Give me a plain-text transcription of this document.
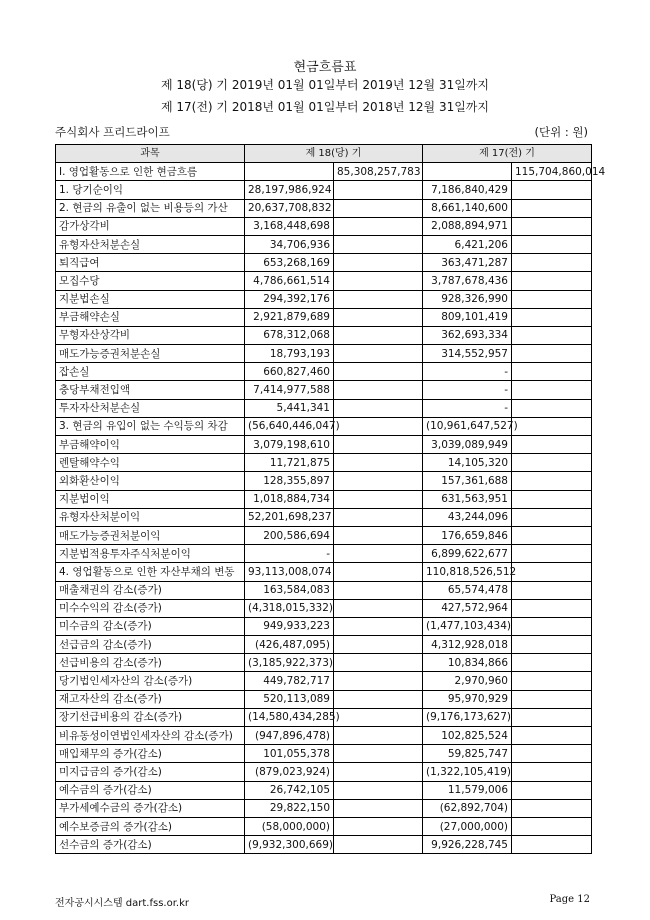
현금흐름표
제 18(당) 기 2019년 01월 01일부터 2019년 12월 31일까지
제 17(전) 기 2018년 01월 01일부터 2018년 12월 31일까지
주식회사 프리드라이프	(단위 : 원)
과목	제 18(당) 기		제 17(전) 기	
Ⅰ. 영업활동으로 인한 현금흐름		85,308,257,783		115,704,860,014
1. 당기순이익	28,197,986,924		7,186,840,429	
2. 현금의 유출이 없는 비용등의 가산	20,637,708,832		8,661,140,600	
감가상각비	3,168,448,698		2,088,894,971	
유형자산처분손실	34,706,936		6,421,206	
퇴직급여	653,268,169		363,471,287	
모집수당	4,786,661,514		3,787,678,436	
지분법손실	294,392,176		928,326,990	
부금해약손실	2,921,879,689		809,101,419	
무형자산상각비	678,312,068		362,693,334	
매도가능증권처분손실	18,793,193		314,552,957	
잡손실	660,827,460		-	
충당부채전입액	7,414,977,588		-	
투자자산처분손실	5,441,341		-	
3. 현금의 유입이 없는 수익등의 차감	(56,640,446,047)		(10,961,647,527)	
부금해약이익	3,079,198,610		3,039,089,949	
렌탈해약수익	11,721,875		14,105,320	
외화환산이익	128,355,897		157,361,688	
지분법이익	1,018,884,734		631,563,951	
유형자산처분이익	52,201,698,237		43,244,096	
매도가능증권처분이익	200,586,694		176,659,846	
지분법적용투자주식처분이익	-		6,899,622,677	
4. 영업활동으로 인한 자산부채의 변동	93,113,008,074		110,818,526,512	
매출채권의 감소(증가)	163,584,083		65,574,478	
미수수익의 감소(증가)	(4,318,015,332)		427,572,964	
미수금의 감소(증가)	949,933,223		(1,477,103,434)	
선급금의 감소(증가)	(426,487,095)		4,312,928,018	
선급비용의 감소(증가)	(3,185,922,373)		10,834,866	
당기법인세자산의 감소(증가)	449,782,717		2,970,960	
재고자산의 감소(증가)	520,113,089		95,970,929	
장기선급비용의 감소(증가)	(14,580,434,285)		(9,176,173,627)	
비유동성이연법인세자산의 감소(증가)	(947,896,478)		102,825,524	
매입채무의 증가(감소)	101,055,378		59,825,747	
미지급금의 증가(감소)	(879,023,924)		(1,322,105,419)	
예수금의 증가(감소)	26,742,105		11,579,006	
부가세예수금의 증가(감소)	29,822,150		(62,892,704)	
예수보증금의 증가(감소)	(58,000,000)		(27,000,000)	
선수금의 증가(감소)	(9,932,300,669)		9,926,228,745	
전자공시시스템 dart.fss.or.kr	Page 12
